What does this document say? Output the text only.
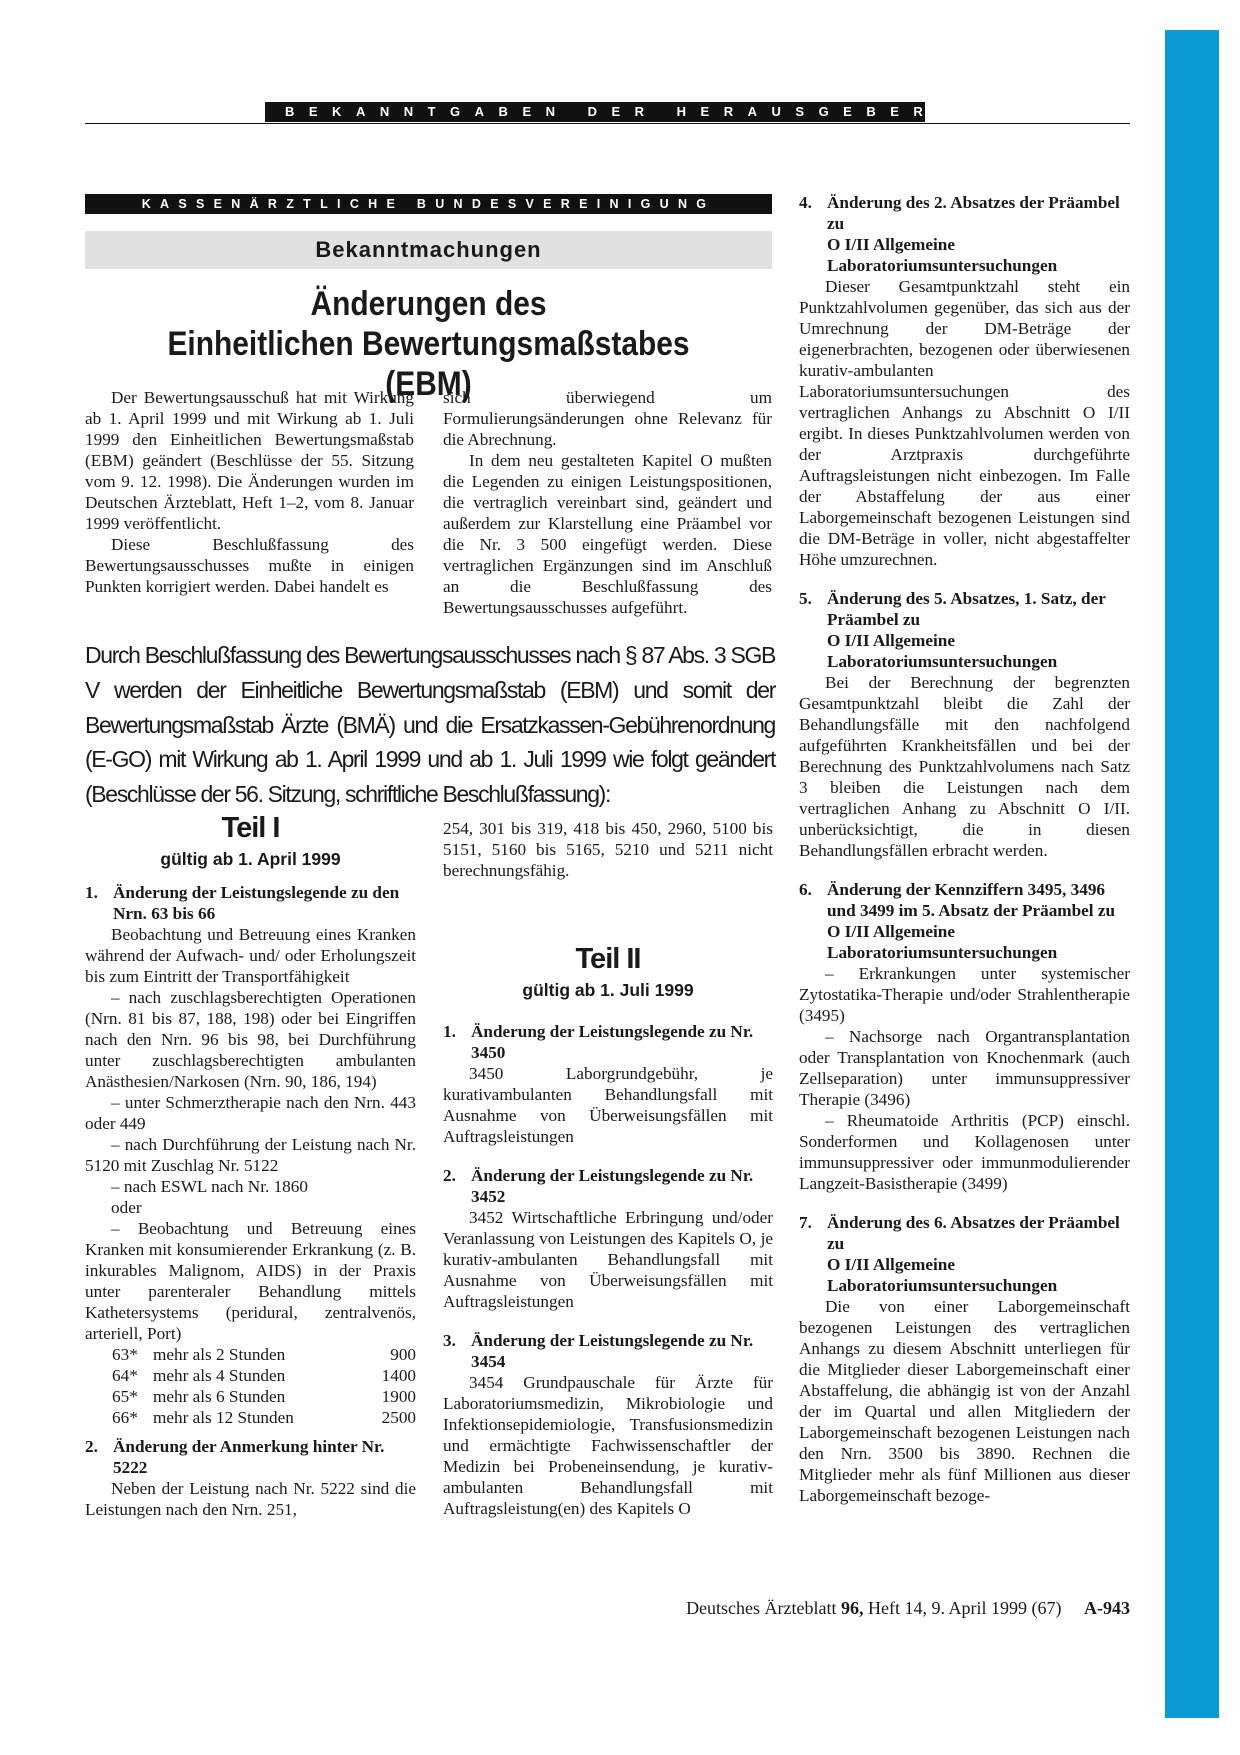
BEKANNTGABEN DER HERAUSGEBER
KASSENÄRZTLICHE BUNDESVEREINIGUNG
Bekanntmachungen
Änderungen des
Einheitlichen Bewertungsmaßstabes (EBM)

Der Bewertungsausschuß hat mit Wirkung ab 1. April 1999 und mit Wirkung ab 1. Juli 1999 den Einheitlichen Bewertungsmaßstab (EBM) geändert (Beschlüsse der 55. Sitzung vom 9. 12. 1998). Die Änderungen wurden im Deutschen Ärzteblatt, Heft 1–2, vom 8. Januar 1999 veröffentlicht.

Diese Beschlußfassung des Bewertungsausschusses mußte in einigen Punkten korrigiert werden. Dabei handelt es

sich überwiegend um Formulierungsänderungen ohne Relevanz für die Abrechnung.

In dem neu gestalteten Kapitel O mußten die Legenden zu einigen Leistungspositionen, die vertraglich vereinbart sind, geändert und außerdem zur Klarstellung eine Präambel vor die Nr. 3 500 eingefügt werden. Diese vertraglichen Ergänzungen sind im Anschluß an die Beschlußfassung des Bewertungsausschusses aufgeführt.

Durch Beschlußfassung des Bewertungsausschusses nach § 87 Abs. 3 SGB V werden der Einheitliche Bewertungsmaßstab (EBM) und somit der Bewertungsmaßstab Ärzte (BMÄ) und die Ersatzkassen-Gebührenordnung (E-GO) mit Wirkung ab 1. April 1999 und ab 1. Juli 1999 wie folgt geändert (Beschlüsse der 56. Sitzung, schriftliche Beschlußfassung):
Teil I
gültig ab 1. April 1999
1. Änderung der Leistungslegende zu den Nrn. 63 bis 66

Beobachtung und Betreuung eines Kranken während der Aufwach- und/ oder Erholungszeit bis zum Eintritt der Transportfähigkeit

– nach zuschlagsberechtigten Operationen (Nrn. 81 bis 87, 188, 198) oder bei Eingriffen nach den Nrn. 96 bis 98, bei Durchführung unter zuschlagsberechtigten ambulanten Anästhesien/Narkosen (Nrn. 90, 186, 194)

– unter Schmerztherapie nach den Nrn. 443 oder 449

– nach Durchführung der Leistung nach Nr. 5120 mit Zuschlag Nr. 5122

– nach ESWL nach Nr. 1860

oder

– Beobachtung und Betreuung eines Kranken mit konsumierender Erkrankung (z. B. inkurables Malignom, AIDS) in der Praxis unter parenteraler Behandlung mittels Kathetersystems (peridural, zentralvenös, arteriell, Port)

63* mehr als 2 Stunden	900
64* mehr als 4 Stunden	1400
65* mehr als 6 Stunden	1900
66* mehr als 12 Stunden	2500
2. Änderung der Anmerkung hinter Nr. 5222

Neben der Leistung nach Nr. 5222 sind die Leistungen nach den Nrn. 251,

254, 301 bis 319, 418 bis 450, 2960, 5100 bis 5151, 5160 bis 5165, 5210 und 5211 nicht berechnungsfähig.

Teil II
gültig ab 1. Juli 1999
1. Änderung der Leistungslegende zu Nr. 3450

3450 Laborgrundgebühr, je kurativambulanten Behandlungsfall mit Ausnahme von Überweisungsfällen mit Auftragsleistungen

2. Änderung der Leistungslegende zu Nr. 3452

3452 Wirtschaftliche Erbringung und/oder Veranlassung von Leistungen des Kapitels O, je kurativ-ambulanten Behandlungsfall mit Ausnahme von Überweisungsfällen mit Auftragsleistungen

3. Änderung der Leistungslegende zu Nr. 3454

3454 Grundpauschale für Ärzte für Laboratoriumsmedizin, Mikrobiologie und Infektionsepidemiologie, Transfusionsmedizin und ermächtigte Fachwissenschaftler der Medizin bei Probeneinsendung, je kurativ-ambulanten Behandlungsfall mit Auftragsleistung(en) des Kapitels O

4. Änderung des 2. Absatzes der Präambel zu
O I/II Allgemeine Laboratoriumsuntersuchungen

Dieser Gesamtpunktzahl steht ein Punktzahlvolumen gegenüber, das sich aus der Umrechnung der DM-Beträge der eigenerbrachten, bezogenen oder überwiesenen kurativ-ambulanten Laboratoriumsuntersuchungen des vertraglichen Anhangs zu Abschnitt O I/II ergibt. In dieses Punktzahlvolumen werden von der Arztpraxis durchgeführte Auftragsleistungen nicht einbezogen. Im Falle der Abstaffelung der aus einer Laborgemeinschaft bezogenen Leistungen sind die DM-Beträge in voller, nicht abgestaffelter Höhe umzurechnen.

5. Änderung des 5. Absatzes, 1. Satz, der Präambel zu
O I/II Allgemeine Laboratoriumsuntersuchungen

Bei der Berechnung der begrenzten Gesamtpunktzahl bleibt die Zahl der Behandlungsfälle mit den nachfolgend aufgeführten Krankheitsfällen und bei der Berechnung des Punktzahlvolumens nach Satz 3 bleiben die Leistungen nach dem vertraglichen Anhang zu Abschnitt O I/II. unberücksichtigt, die in diesen Behandlungsfällen erbracht werden.

6. Änderung der Kennziffern 3495, 3496 und 3499 im 5. Absatz der Präambel zu
O I/II Allgemeine Laboratoriumsuntersuchungen

– Erkrankungen unter systemischer Zytostatika-Therapie und/oder Strahlentherapie (3495)

– Nachsorge nach Organtransplantation oder Transplantation von Knochenmark (auch Zellseparation) unter immunsuppressiver Therapie (3496)

– Rheumatoide Arthritis (PCP) einschl. Sonderformen und Kollagenosen unter immunsuppressiver oder immunmodulierender Langzeit-Basistherapie (3499)

7. Änderung des 6. Absatzes der Präambel zu
O I/II Allgemeine Laboratoriumsuntersuchungen

Die von einer Laborgemeinschaft bezogenen Leistungen des vertraglichen Anhangs zu diesem Abschnitt unterliegen für die Mitglieder dieser Laborgemeinschaft einer Abstaffelung, die abhängig ist von der Anzahl der im Quartal und allen Mitgliedern der Laborgemeinschaft bezogenen Leistungen nach den Nrn. 3500 bis 3890. Rechnen die Mitglieder mehr als fünf Millionen aus dieser Laborgemeinschaft bezoge-

Deutsches Ärzteblatt 96, Heft 14, 9. April 1999 (67) A-943
